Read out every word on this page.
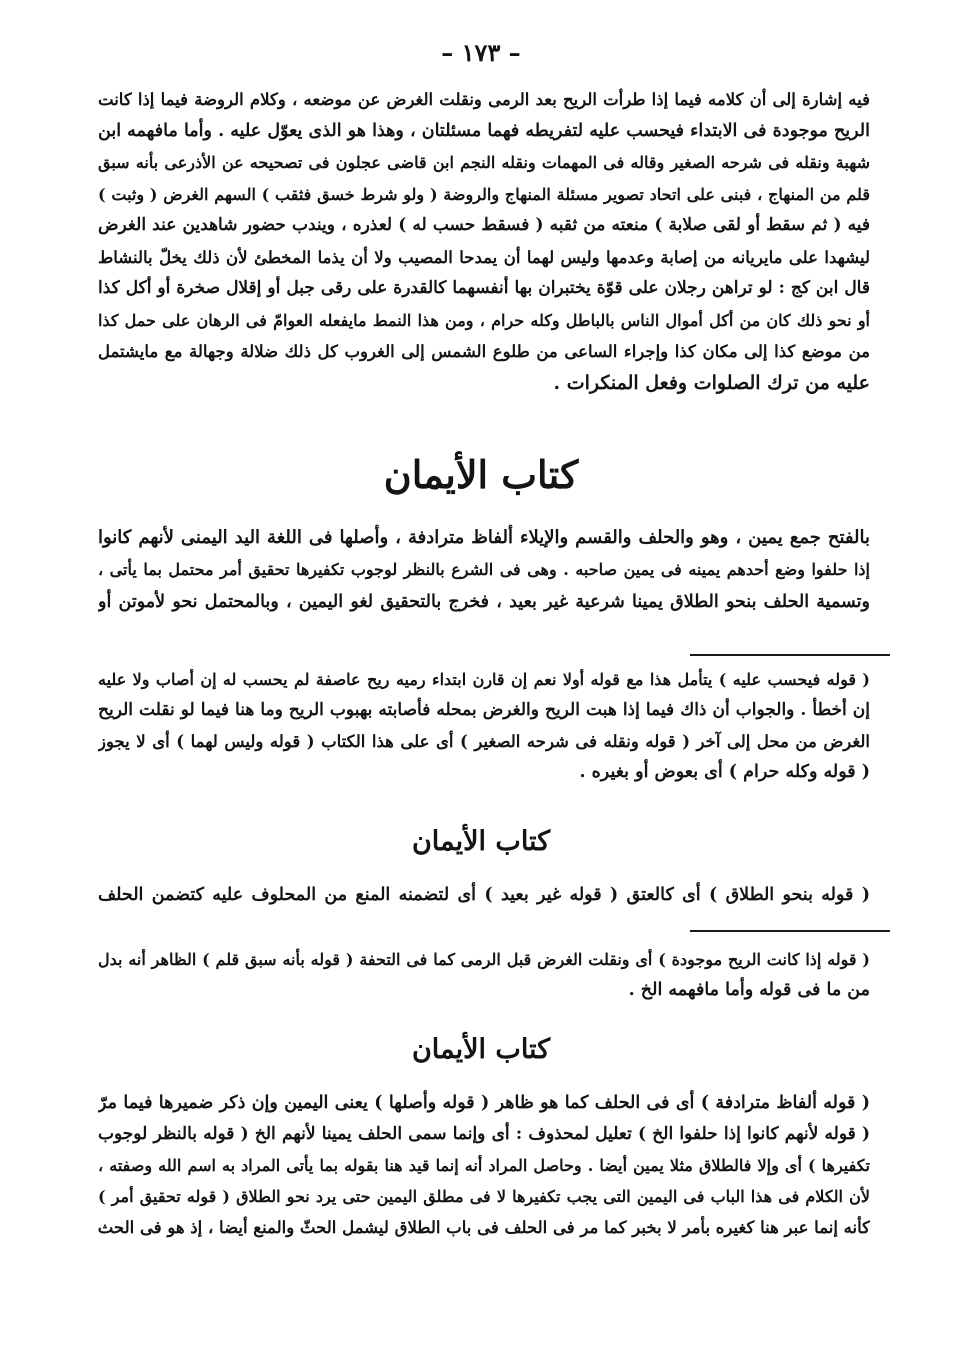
– ١٧٣ –

فيه إشارة إلى أن كلامه فيما إذا طرأت الريح بعد الرمى ونقلت الغرض عن موضعه ، وكلام الروضة فيما إذا كانت

الريح موجودة فى الابتداء فيحسب عليه لتفريطه فهما مسئلتان ، وهذا هو الذى يعوّل عليه . وأما مافهمه ابن

شهبة ونقله فى شرحه الصغير وقاله فى المهمات ونقله النجم ابن قاضى عجلون فى تصحيحه عن الأذرعى بأنه سبق

قلم من المنهاج ، فبنى على اتحاد تصوير مسئلة المنهاج والروضة ( ولو شرط خسق فثقب ) السهم الغرض ( وثبت )

فيه ( ثم سقط أو لقى صلابة ) منعته من ثقبه ( فسقط حسب له ) لعذره ، ويندب حضور شاهدين عند الغرض

ليشهدا على مايريانه من إصابة وعدمها وليس لهما أن يمدحا المصيب ولا أن يذما المخطئ لأن ذلك يخلّ بالنشاط

قال ابن كج : لو تراهن رجلان على قوّة يختبران بها أنفسهما كالقدرة على رقى جبل أو إقلال صخرة أو أكل كذا

أو نحو ذلك كان من أكل أموال الناس بالباطل وكله حرام ، ومن هذا النمط مايفعله العوامّ فى الرهان على حمل كذا

من موضع كذا إلى مكان كذا وإجراء الساعى من طلوع الشمس إلى الغروب كل ذلك ضلالة وجهالة مع مايشتمل

عليه من ترك الصلوات وفعل المنكرات .

كتاب الأيمان

بالفتح جمع يمين ، وهو والحلف والقسم والإيلاء ألفاظ مترادفة ، وأصلها فى اللغة اليد اليمنى لأنهم كانوا

إذا حلفوا وضع أحدهم يمينه فى يمين صاحبه . وهى فى الشرع بالنظر لوجوب تكفيرها تحقيق أمر محتمل بما يأتى ،

وتسمية الحلف بنحو الطلاق يمينا شرعية غير بعيد ، فخرج بالتحقيق لغو اليمين ، وبالمحتمل نحو لأموتن أو

( قوله فيحسب عليه ) يتأمل هذا مع قوله أولا نعم إن قارن ابتداء رميه ريح عاصفة لم يحسب له إن أصاب ولا عليه

إن أخطأ . والجواب أن ذاك فيما إذا هبت الريح والغرض بمحله فأصابته بهبوب الريح وما هنا فيما لو نقلت الريح

الغرض من محل إلى آخر ( قوله ونقله فى شرحه الصغير ) أى على هذا الكتاب ( قوله وليس لهما ) أى لا يجوز

( قوله وكله حرام ) أى بعوض أو بغيره .

كتاب الأيمان

( قوله بنحو الطلاق ) أى كالعتق ( قوله غير بعيد ) أى لتضمنه المنع من المحلوف عليه كتضمن الحلف

( قوله إذا كانت الريح موجودة ) أى ونقلت الغرض قبل الرمى كما فى التحفة ( قوله بأنه سبق قلم ) الظاهر أنه بدل

من ما فى قوله وأما مافهمه الخ .

كتاب الأيمان

( قوله ألفاظ مترادفة ) أى فى الحلف كما هو ظاهر ( قوله وأصلها ) يعنى اليمين وإن ذكر ضميرها فيما مرّ

( قوله لأنهم كانوا إذا حلفوا الخ ) تعليل لمحذوف : أى وإنما سمى الحلف يمينا لأنهم الخ ( قوله بالنظر لوجوب

تكفيرها ) أى وإلا فالطلاق مثلا يمين أيضا . وحاصل المراد أنه إنما قيد هنا بقوله بما يأتى المراد به اسم الله وصفته ،

لأن الكلام فى هذا الباب فى اليمين التى يجب تكفيرها لا فى مطلق اليمين حتى يرد نحو الطلاق ( قوله تحقيق أمر )

كأنه إنما عبر هنا كغيره بأمر لا بخبر كما مر فى الحلف فى باب الطلاق ليشمل الحثّ والمنع أيضا ، إذ هو فى الحث
